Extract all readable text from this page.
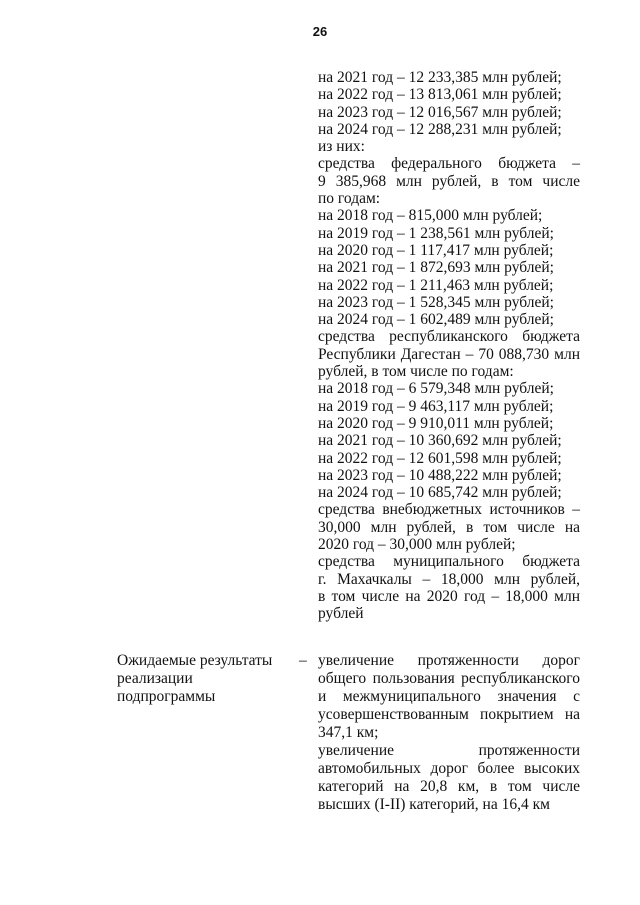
26
на 2021 год – 12 233,385 млн рублей;
на 2022 год – 13 813,061 млн рублей;
на 2023 год – 12 016,567 млн рублей;
на 2024 год – 12 288,231 млн рублей;
из них:
средства федерального бюджета –
9 385,968 млн рублей, в том числе
по годам:
на 2018 год – 815,000 млн рублей;
на 2019 год – 1 238,561 млн рублей;
на 2020 год – 1 117,417 млн рублей;
на 2021 год – 1 872,693 млн рублей;
на 2022 год – 1 211,463 млн рублей;
на 2023 год – 1 528,345 млн рублей;
на 2024 год – 1 602,489 млн рублей;
средства республиканского бюджета
Республики Дагестан – 70 088,730 млн
рублей, в том числе по годам:
на 2018 год – 6 579,348 млн рублей;
на 2019 год – 9 463,117 млн рублей;
на 2020 год – 9 910,011 млн рублей;
на 2021 год – 10 360,692 млн рублей;
на 2022 год – 12 601,598 млн рублей;
на 2023 год – 10 488,222 млн рублей;
на 2024 год – 10 685,742 млн рублей;
средства внебюджетных источников –
30,000 млн рублей, в том числе на
2020 год – 30,000 млн рублей;
средства муниципального бюджета
г. Махачкалы – 18,000 млн рублей,
в том числе на 2020 год – 18,000 млн
рублей
Ожидаемые результаты реализации подпрограммы
– увеличение протяженности дорог
общего пользования республиканского
и межмуниципального значения с
усовершенствованным покрытием на
347,1 км;
увеличение протяженности
автомобильных дорог более высоких
категорий на 20,8 км, в том числе
высших (I-II) категорий, на 16,4 км
